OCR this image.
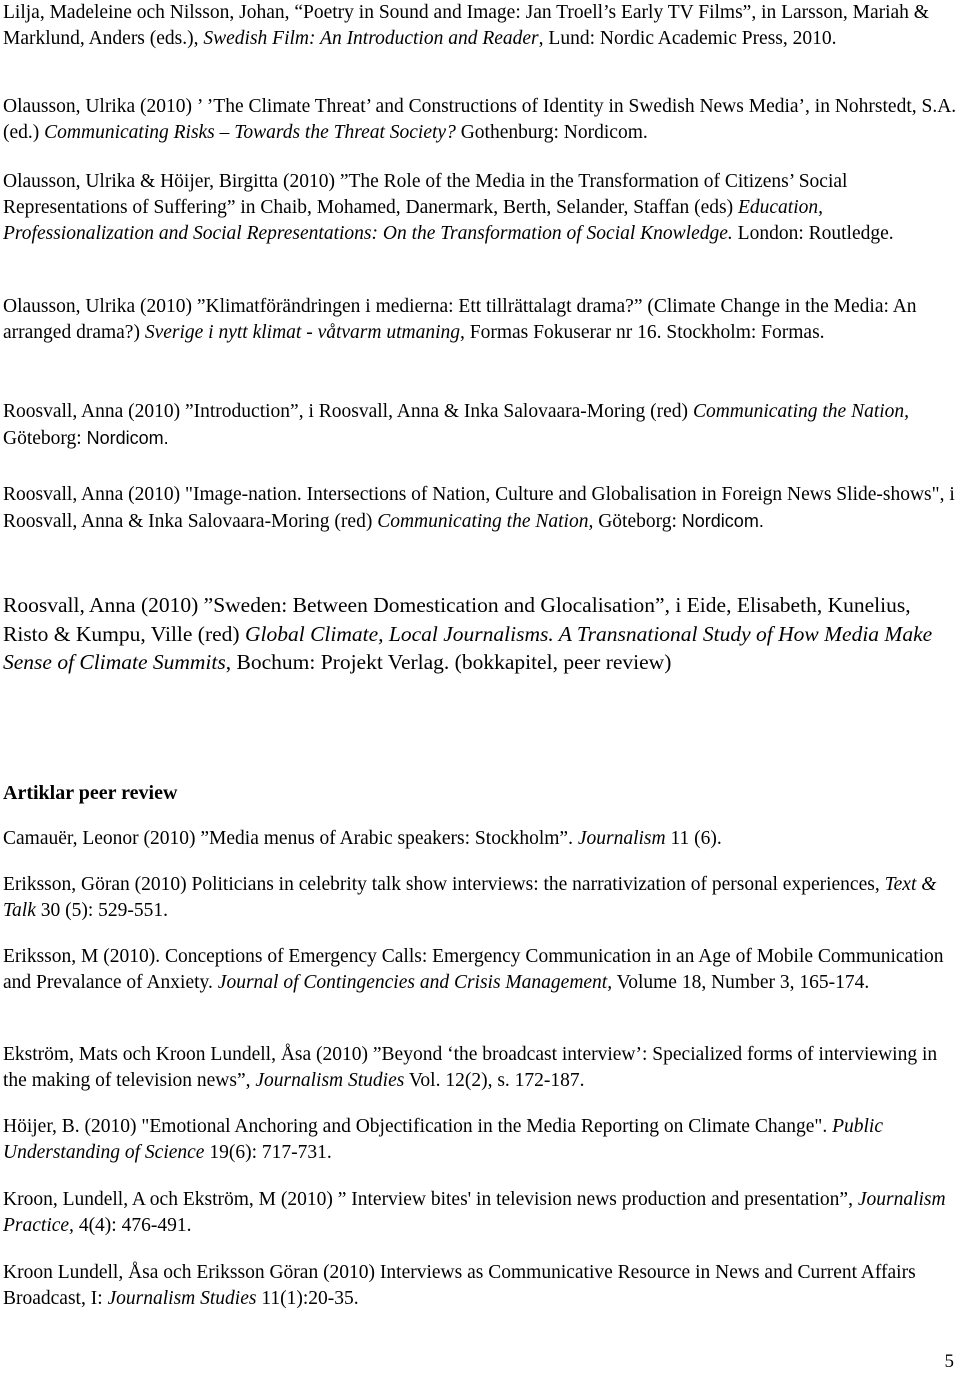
Lilja, Madeleine och Nilsson, Johan, “Poetry in Sound and Image: Jan Troell’s Early TV Films”, in Larsson, Mariah & Marklund, Anders (eds.), Swedish Film: An Introduction and Reader, Lund: Nordic Academic Press, 2010.

Olausson, Ulrika (2010) ’ ’The Climate Threat’ and Constructions of Identity in Swedish News Media’, in Nohrstedt, S.A. (ed.) Communicating Risks – Towards the Threat Society? Gothenburg: Nordicom.

Olausson, Ulrika & Höijer, Birgitta (2010) ”The Role of the Media in the Transformation of Citizens’ Social Representations of Suffering” in Chaib, Mohamed, Danermark, Berth, Selander, Staffan (eds) Education, Professionalization and Social Representations: On the Transformation of Social Knowledge. London: Routledge.

Olausson, Ulrika (2010) ”Klimatförändringen i medierna: Ett tillrättalagt drama?” (Climate Change in the Media: An arranged drama?) Sverige i nytt klimat - våtvarm utmaning, Formas Fokuserar nr 16. Stockholm: Formas.

Roosvall, Anna (2010) ”Introduction”, i Roosvall, Anna & Inka Salovaara-Moring (red) Communicating the Nation, Göteborg: Nordicom.

Roosvall, Anna (2010) "Image-nation. Intersections of Nation, Culture and Globalisation in Foreign News Slide-shows", i Roosvall, Anna & Inka Salovaara-Moring (red) Communicating the Nation, Göteborg: Nordicom.

Roosvall, Anna (2010) ”Sweden: Between Domestication and Glocalisation”, i Eide, Elisabeth, Kunelius, Risto & Kumpu, Ville (red) Global Climate, Local Journalisms. A Transnational Study of How Media Make Sense of Climate Summits, Bochum: Projekt Verlag. (bokkapitel, peer review)

Artiklar peer review

Camauër, Leonor (2010) ”Media menus of Arabic speakers: Stockholm”. Journalism 11 (6).

Eriksson, Göran (2010) Politicians in celebrity talk show interviews: the narrativization of personal experiences, Text & Talk 30 (5): 529-551.

Eriksson, M (2010). Conceptions of Emergency Calls: Emergency Communication in an Age of Mobile Communication and Prevalance of Anxiety. Journal of Contingencies and Crisis Management, Volume 18, Number 3, 165-174.

Ekström, Mats och Kroon Lundell, Åsa (2010) ”Beyond ‘the broadcast interview’: Specialized forms of interviewing in the making of television news”, Journalism Studies Vol. 12(2), s. 172-187.

Höijer, B. (2010) "Emotional Anchoring and Objectification in the Media Reporting on Climate Change". Public Understanding of Science 19(6): 717-731.

Kroon, Lundell, A och Ekström, M (2010) ” Interview bites' in television news production and presentation”, Journalism Practice, 4(4): 476-491.

Kroon Lundell, Åsa och Eriksson Göran (2010) Interviews as Communicative Resource in News and Current Affairs Broadcast, I: Journalism Studies 11(1):20-35.

5
